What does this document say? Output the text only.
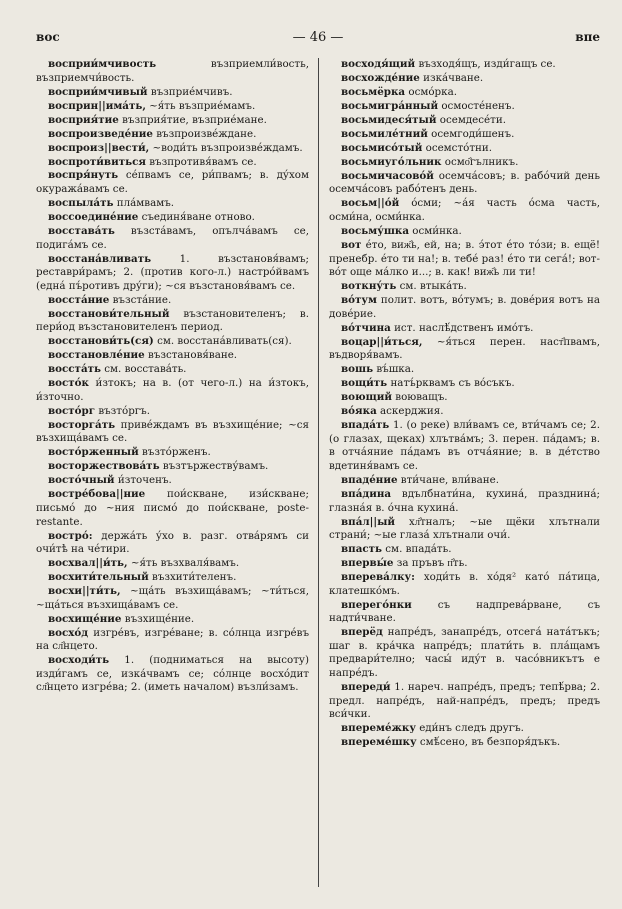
вос	— 46 —	впе

восприи́мчивость възприемли́вость, възприемчи́вость.

восприи́мчивый възприе́мчивъ.

восприн||има́ть, ~я́ть възприе́мамъ.

восприя́тие възприя́тие, възприе́мане.

воспроизведе́ние възпроизве́ждане.

воспроиз||вести́, ~води́ть възпроизве́ждамъ.

воспроти́виться възпротивя́вамъ се.

воспря́нуть се́пвамъ се, ри́пвамъ; в. ду́хом окуража́вамъ се.

воспыла́ть пла́мвамъ.

воссоедине́ние съединя́ване отново.

восстава́ть възста́вамъ, опълча́вамъ се, подига́мъ се.

восстана́вливать 1. възстановя́вамъ; реставри́рамъ; 2. (против кого-л.) настро́йвамъ (една́ пъ́ротивъ дру́ги); ~ся възстановя́вамъ се.

восста́ние възста́ние.

восстанови́тельный възстановителенъ; в. пери́од възстановителенъ период.

восстанови́ть(ся) см. восстана́вливать(ся).

восстановле́ние възстановя́ване.

восста́ть см. восстава́ть.

восто́к и́зтокъ; на в. (от чего-л.) на и́зтокъ, и́зточно.

восто́рг възто́ргъ.

восторга́ть приве́ждамъ въ възхище́ние; ~ся възхища́вамъ се.

восто́рженный възто́рженъ.

восторжествова́ть възтържеству́вамъ.

восто́чный и́зточенъ.

востре́бова||ние пои́скване, изи́скване; письмо́ до ~ния писмо́ до пои́скване, poste-restante.

востро́: держа́ть у́хо в. разг. отва́рямъ си очи́тѣ на че́тири.

восхвал||и́ть, ~я́ть възхваля́вамъ.

восхити́тельный възхити́теленъ.

восхи||ти́ть, ~ща́ть възхища́вамъ; ~ти́ться, ~ща́ться възхища́вамъ се.

восхище́ние възхище́ние.

восхо́д изгре́въ, изгре́ване; в. со́лнца изгре́въ на сл҄нцето.

восходи́ть 1. (подниматься на высоту) изди́гамъ се, изка́чвамъ се; со́лнце восхо́дит сл҄нцето изгре́ва; 2. (иметь началом) възли́замъ.

восходя́щий възходя́щъ, изди́гащъ се.

восхожде́ние изка́чване.

восьмёрка осмо́рка.

восьмигра́нный осмосте́ненъ.

восьмидеся́тый осемдесе́ти.

восьмиле́тний осемгоди́шенъ.

восьмисо́тый осемсто́тни.

восьмиуго́льник осмо҄гълникъ.

восьмичасово́й осемча́совъ; в. рабо́чий день осемча́совъ рабо́тенъ день.

восьм||о́й о́сми; ~а́я часть о́сма часть, осми́на, осми́нка.

восьму́шка осми́нка.

вот е́то, виж҄ь, ей, на; в. э́тот е́то то́зи; в. ещё! пренебр. е́то ти на!; в. тебе́ раз! е́то ти сега́!; вот-во́т още ма́лко и...; в. как! виж҄ь ли ти!

воткну́ть см. втыка́ть.

во́тум полит. вотъ, во́тумъ; в. дове́рия вотъ на дове́рие.

во́тчина ист. наслѣ́дственъ имо́тъ.

воцар||и́ться, ~я́ться перен. наст҄пвамъ, въдворя́вамъ.

вошь въ́шка.

вощи́ть натъ́рквамъ съ во́съкъ.

воющий воюващъ.

во́яка аскерджия.

впада́ть 1. (о реке) вли́вамъ се, вти́чамъ се; 2. (о глазах, щеках) хлътва́мъ; 3. перен. па́дамъ; в. в отча́яние па́дамъ въ отча́яние; в. в де́тство вдетиня́вамъ се.

впаде́ние вти́чане, вли́ване.

впа́дина вдълбнати́на, кухина́, празднина́; глазна́я в. о́чна кухина́.

впа́л||ый хл҄тналъ; ~ые щёки хлътнали страни́; ~ые глаза́ хлътнали очи́.

впасть см. впада́ть.

впервы́е за пръвъ п҄ть.

вперева́лку: ходи́ть в. хо́дя² като́ па́тица, клатешко́мъ.

вперего́нки съ надпрева́рване, съ надти́чване.

вперёд напре́дъ, занапре́дъ, отсега́ ната́тъкъ; шаг в. кра́чка напре́дъ; плати́ть в. пла́щамъ предвари́телно; часы́ иду́т в. часо́вникътъ е напре́дъ.

впереди́ 1. нареч. напре́дъ, предъ; тепѣ́рва; 2. предл. напре́дъ, най-напре́дъ, предъ; предъ вси́чки.

впереме́жку еди́нъ следъ другъ.

впереме́шку смѣ́сено, въ безпоря́дъкъ.
